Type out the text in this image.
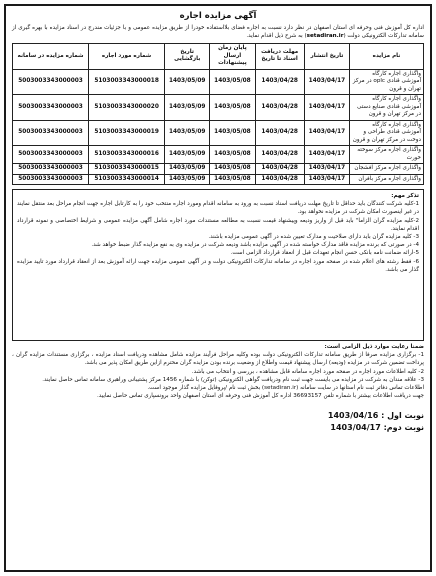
آگهی مزایده اجاره

اداره کل آموزش فنی وحرفه ای استان اصفهان در نظر دارد نسبت به اجاره فضای بلااستفاده خودرا از طریق مزایده عمومی و با جزئیات مندرج در اسناد مزایده با بهره گیری از سامانه تدارکات الکترونیکی دولت (setadiran.ir) به شرح ذیل اقدام نماید.

نام مزایده	تاریخ انتشار	مهلت دریافت اسناد تا تاریخ	پایان زمان ارسال پیشنهادات	تاریخ بازگشایی	شماره مورد اجاره	شماره مزایده در سامانه
واگذاری اجاره کارگاه آموزشی قنادی oplc در مرکز تهران و قرون	1403/04/17	1403/04/28	1403/05/08	1403/05/09	5103003343000018	5003003343000003
واگذاری اجاره کارگاه آموزشی قنادی صنایع دستی در مرکز تهران و قرون	1403/04/17	1403/04/28	1403/05/08	1403/05/09	5103003343000020	5003003343000003
واگذاری اجاره کارگاه آموزشی قنادی طراحی و دوخت در مرکز تهران و قرون	1403/04/17	1403/04/28	1403/05/08	1403/05/09	5103003343000019	5003003343000003
واگذاری اجاره مرکز سوخته خورت	1403/04/17	1403/04/28	1403/05/08	1403/05/09	5103003343000016	5003003343000003
واگذاری اجاره مرکز افشجان	1403/04/17	1403/04/28	1403/05/08	1403/05/09	5103003343000015	5003003343000003
واگذاری اجاره مرکز بافران	1403/04/17	1403/04/28	1403/05/08	1403/05/09	5103003343000014	5003003343000003
تذکر مهم:
1-کلیه شرکت کنندگان باید حداقل تا تاریخ مهلت دریافت اسناد نسبت به ورود به سامانه اقدام ومورد اجاره منتخب خود را به کارتابل اجاره جهت انجام مراحل بعد منتقل نمایند در غیر اینصورت امکان شرکت در مزایده نخواهد بود.
2-کلیه مزایده گران الزاما" باید قبل از واریز ودیعه وپیشنهاد قیمت نسبت به مطالعه مستندات مورد اجاره شامل آگهی مزایده عمومی و شرایط اختصاصی و نمونه قرارداد اقدام نمایند.
3- کلیه مزایده گران باید دارای صلاحیت و مدارک تعیین شده در آگهی عمومی مزایده باشند.
4- در صورتی که برنده مزایده فاقد مدارک خواسته شده در آگهی مزایده باشد ودیعه شرکت در مزایده وی به نفع مزایده گذار ضبط خواهد شد.
5-ارائه ضمانت نامه بانکی حسن انجام تعهدات قبل از انعقاد قرارداد الزامی است.
6- فقط رشته های اعلام شده در صفحه مورد اجاره در سامانه تدارکات الکترونیکی دولت و در آگهی عمومی مزایده جهت ارائه آموزش بعد از انعقاد قرارداد مورد تایید مزایده گذار می باشد.
ضمنا رعایت موارد ذیل الزامی است:
1- برگزاری مزایده صرفا از طریق سامانه تدارکات الکترونیکی دولت بوده وکلیه مراحل فرآیند مزایده شامل مشاهده ودریافت اسناد مزایده ، برگزاری مستندات مزایده گران ، پرداخت تضمین شرکت در مزایده (ودیعه) ارسال پیشنهاد قیمت واطلاع از وضعیت برنده بودن مزایده گران محترم ازاین طریق امکان پذیر می باشد.
2- کلیه اطلاعات مورد اجاره در صفحه مورد اجاره سامانه قابل مشاهده ، بررسی و انتخاب می باشد.
3- علاقه مندان به شرکت در مزایده می بایست جهت ثبت نام ودریافت گواهی الکترونیکی (توکن) با شماره 1456 مرکز پشتیبانی وراهبری سامانه تماس حاصل نمایند.
اطلاعات تماس دفاتر ثبت نام استانها در سایت سامانه (setadiran.ir) بخش ثبت نام /پروفایل مزایده گذار موجود است.
جهت دریافت اطلاعات بیشتر با شماره تلفن 36693157 اداره کل آموزش فنی وحرفه ای استان اصفهان واحد برونسپاری تماس حاصل نمایید.
نوبت اول : 1403/04/16
نوبت دوم: 1403/04/17
